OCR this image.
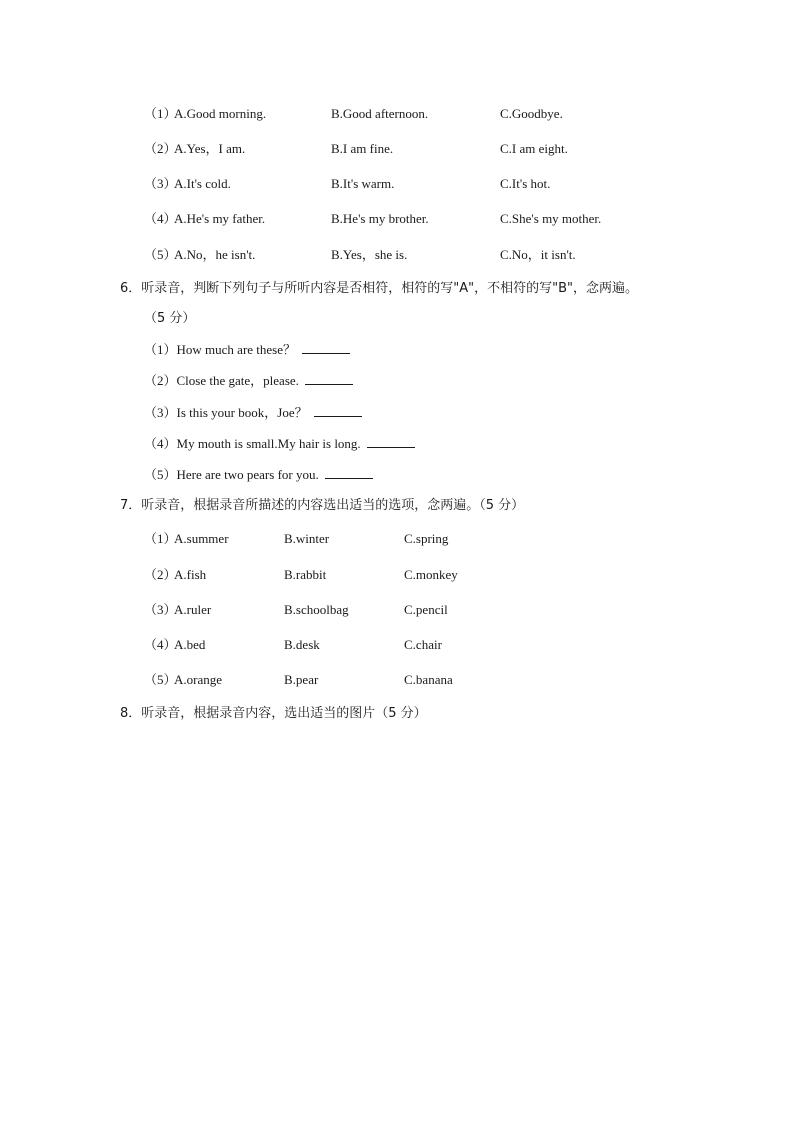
（1）
A.Good morning.	B.Good afternoon.	C.Goodbye.
（2）
A.Yes，I am.	B.I am fine.	C.I am eight.
（3）
A.It's cold.	B.It's warm.	C.It's hot.
（4）
A.He's my father.	B.He's my brother.	C.She's my mother.
（5）
A.No，he isn't.	B.Yes，she is.	C.No，it isn't.
6．听录音，判断下列句子与所听内容是否相符，相符的写"A"，不相符的写"B"，念两遍。
（5 分）
（1）How much are these？
（2）Close the gate，please.
（3）Is this your book，Joe？
（4）My mouth is small.My hair is long.
（5）Here are two pears for you.
7．听录音，根据录音所描述的内容选出适当的选项，念两遍。（5 分）
（1）
A.summer	B.winter	C.spring
（2）
A.fish	B.rabbit	C.monkey
（3）
A.ruler	B.schoolbag	C.pencil
（4）
A.bed	B.desk	C.chair
（5）
A.orange	B.pear	C.banana
8．听录音，根据录音内容，选出适当的图片（5 分）
